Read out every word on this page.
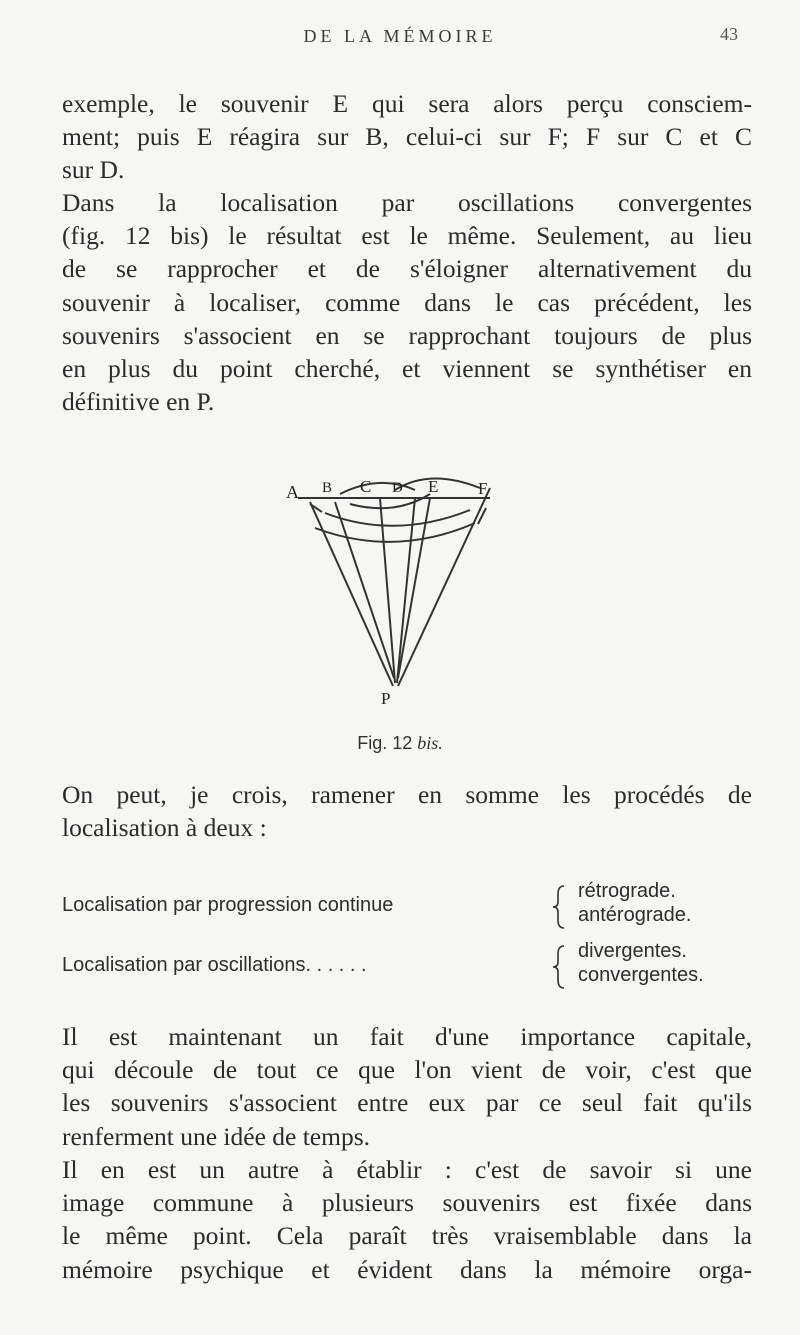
DE LA MÉMOIRE	43
exemple, le souvenir E qui sera alors perçu consciem-
ment; puis E réagira sur B, celui-ci sur F; F sur C et C
sur D.
Dans la localisation par oscillations convergentes
(fig. 12 bis) le résultat est le même. Seulement, au lieu
de se rapprocher et de s'éloigner alternativement du
souvenir à localiser, comme dans le cas précédent, les
souvenirs s'associent en se rapprochant toujours de plus
en plus du point cherché, et viennent se synthétiser en
définitive en P.
A B C D E F
P
Fig. 12 bis.
On peut, je crois, ramener en somme les procédés de
localisation à deux :
Localisation par progression continue
rétrograde.
antérograde.
Localisation par oscillations. . . . . .
divergentes.
convergentes.
Il est maintenant un fait d'une importance capitale,
qui découle de tout ce que l'on vient de voir, c'est que
les souvenirs s'associent entre eux par ce seul fait qu'ils
renferment une idée de temps.
Il en est un autre à établir : c'est de savoir si une
image commune à plusieurs souvenirs est fixée dans
le même point. Cela paraît très vraisemblable dans la
mémoire psychique et évident dans la mémoire orga-
